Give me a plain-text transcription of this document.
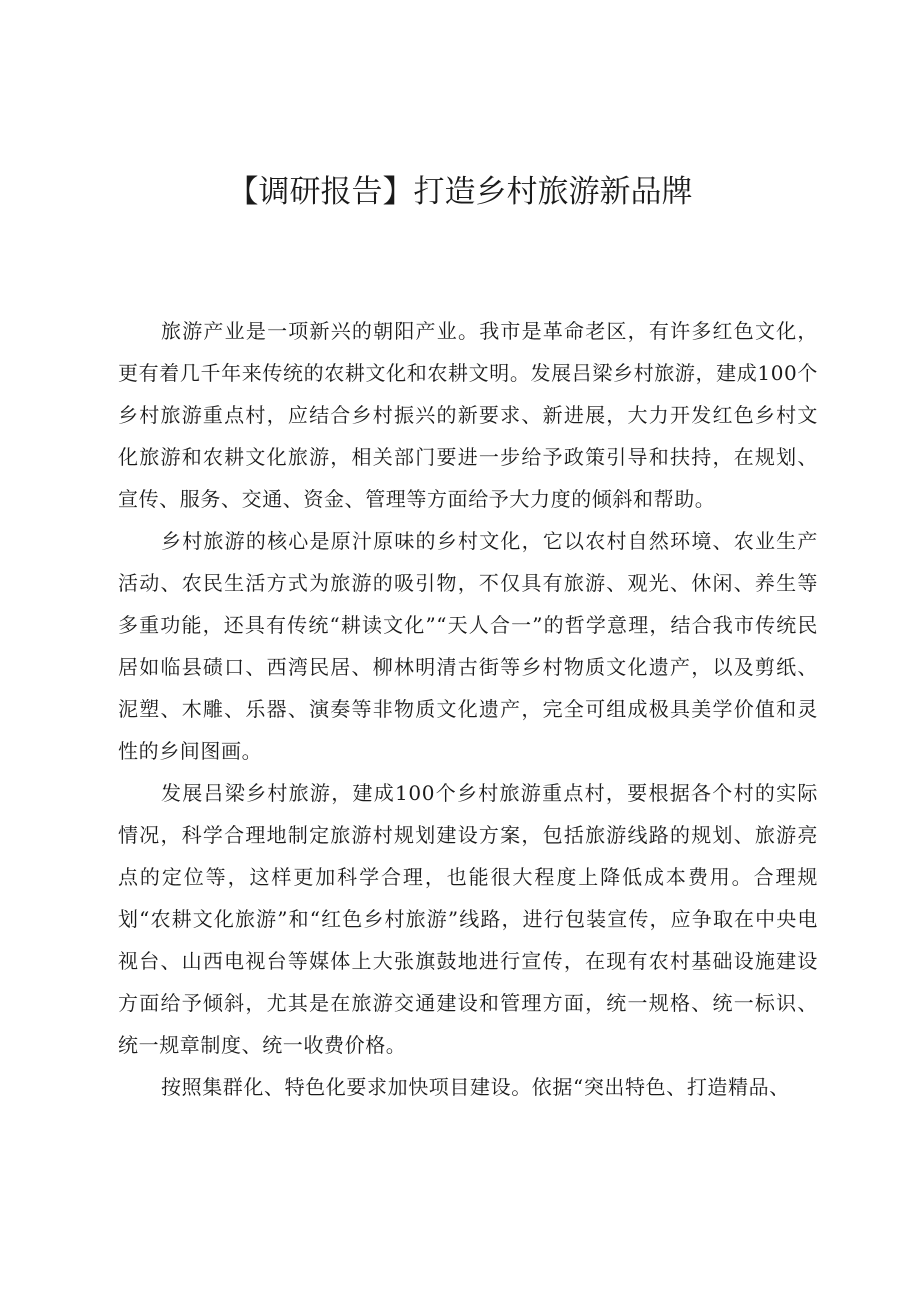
【调研报告】打造乡村旅游新品牌

旅游产业是一项新兴的朝阳产业。我市是革命老区，有许多红色文化，更有着几千年来传统的农耕文化和农耕文明。发展吕梁乡村旅游，建成100个乡村旅游重点村，应结合乡村振兴的新要求、新进展，大力开发红色乡村文化旅游和农耕文化旅游，相关部门要进一步给予政策引导和扶持，在规划、宣传、服务、交通、资金、管理等方面给予大力度的倾斜和帮助。

乡村旅游的核心是原汁原味的乡村文化，它以农村自然环境、农业生产活动、农民生活方式为旅游的吸引物，不仅具有旅游、观光、休闲、养生等多重功能，还具有传统“耕读文化”“天人合一”的哲学意理，结合我市传统民居如临县碛口、西湾民居、柳林明清古街等乡村物质文化遗产，以及剪纸、泥塑、木雕、乐器、演奏等非物质文化遗产，完全可组成极具美学价值和灵性的乡间图画。

发展吕梁乡村旅游，建成100个乡村旅游重点村，要根据各个村的实际情况，科学合理地制定旅游村规划建设方案，包括旅游线路的规划、旅游亮点的定位等，这样更加科学合理，也能很大程度上降低成本费用。合理规划“农耕文化旅游”和“红色乡村旅游”线路，进行包装宣传，应争取在中央电视台、山西电视台等媒体上大张旗鼓地进行宣传，在现有农村基础设施建设方面给予倾斜，尤其是在旅游交通建设和管理方面，统一规格、统一标识、统一规章制度、统一收费价格。

按照集群化、特色化要求加快项目建设。依据“突出特色、打造精品、
